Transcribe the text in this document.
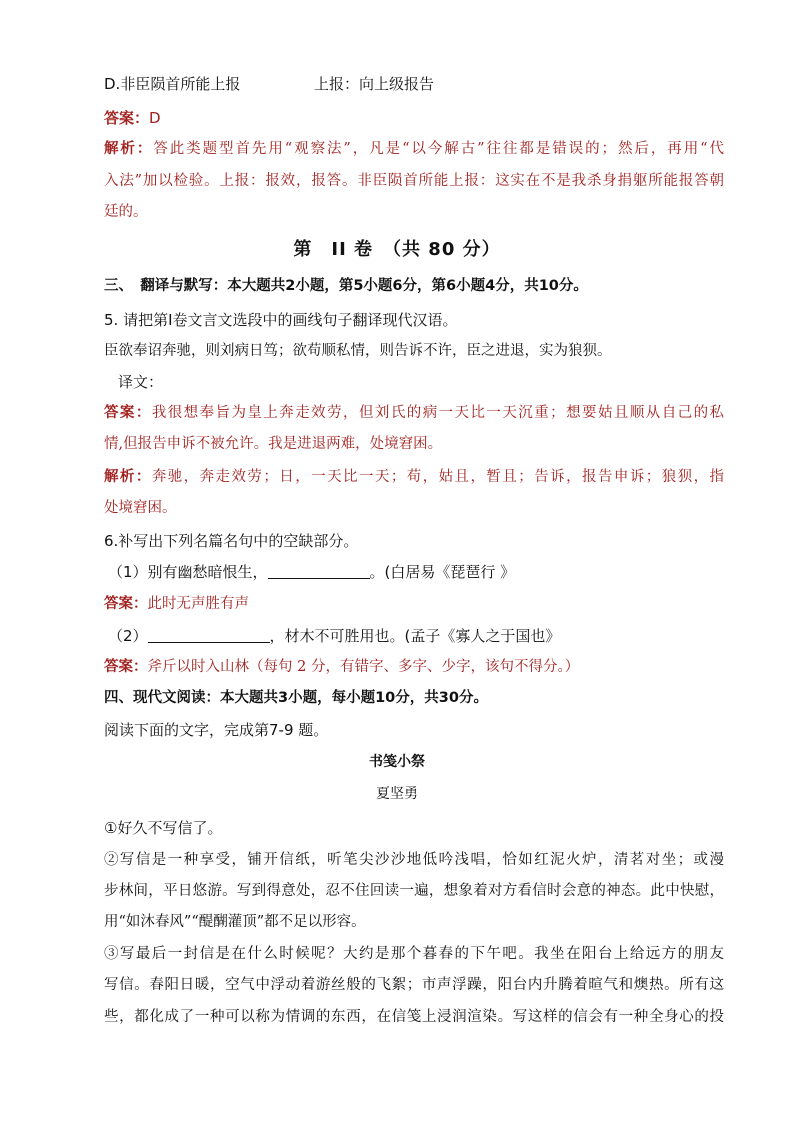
D.非臣陨首所能上报	上报：向上级报告
答案：D
解析：答此类题型首先用“观察法”，凡是“以今解古”往往都是错误的；然后，再用“代
入法”加以检验。上报：报效，报答。非臣陨首所能上报：这实在不是我杀身捐躯所能报答朝
廷的。
第　II 卷　（共 80 分）
三、　翻译与默写：本大题共2小题，第5小题6分，第6小题4分，共10分。
5. 请把第Ⅰ卷文言文选段中的画线句子翻译现代汉语。
臣欲奉诏奔驰，则刘病日笃；欲苟顺私情，则告诉不许，臣之进退，实为狼狈。
译文：
答案：我很想奉旨为皇上奔走效劳，但刘氏的病一天比一天沉重；想要姑且顺从自己的私
情,但报告申诉不被允许。我是进退两难，处境窘困。
解析：奔驰，奔走效劳；日，一天比一天；苟，姑且，暂且；告诉，报告申诉；狼狈，指
处境窘困。
6.补写出下列名篇名句中的空缺部分。
（1）别有幽愁暗恨生，	。(白居易《琵琶行 》
答案：此时无声胜有声
（2）	，材木不可胜用也。(孟子《寡人之于国也》
答案：斧斤以时入山林（每句 2 分，有错字、多字、少字，该句不得分。）
四、现代文阅读：本大题共3小题，每小题10分，共30分。
阅读下面的文字，完成第7-9 题。
书笺小祭
夏坚勇
①好久不写信了。
②写信是一种享受，铺开信纸，听笔尖沙沙地低吟浅唱，恰如红泥火炉，清茗对坐；或漫
步林间，平日悠游。写到得意处，忍不住回读一遍，想象着对方看信时会意的神态。此中快慰，
用“如沐春风”“醍醐灌顶”都不足以形容。
③写最后一封信是在什么时候呢？大约是那个暮春的下午吧。我坐在阳台上给远方的朋友
写信。春阳日暖，空气中浮动着游丝般的飞絮；市声浮躁，阳台内升腾着暄气和燠热。所有这
些，都化成了一种可以称为情调的东西，在信笺上浸润渲染。写这样的信会有一种全身心的投
